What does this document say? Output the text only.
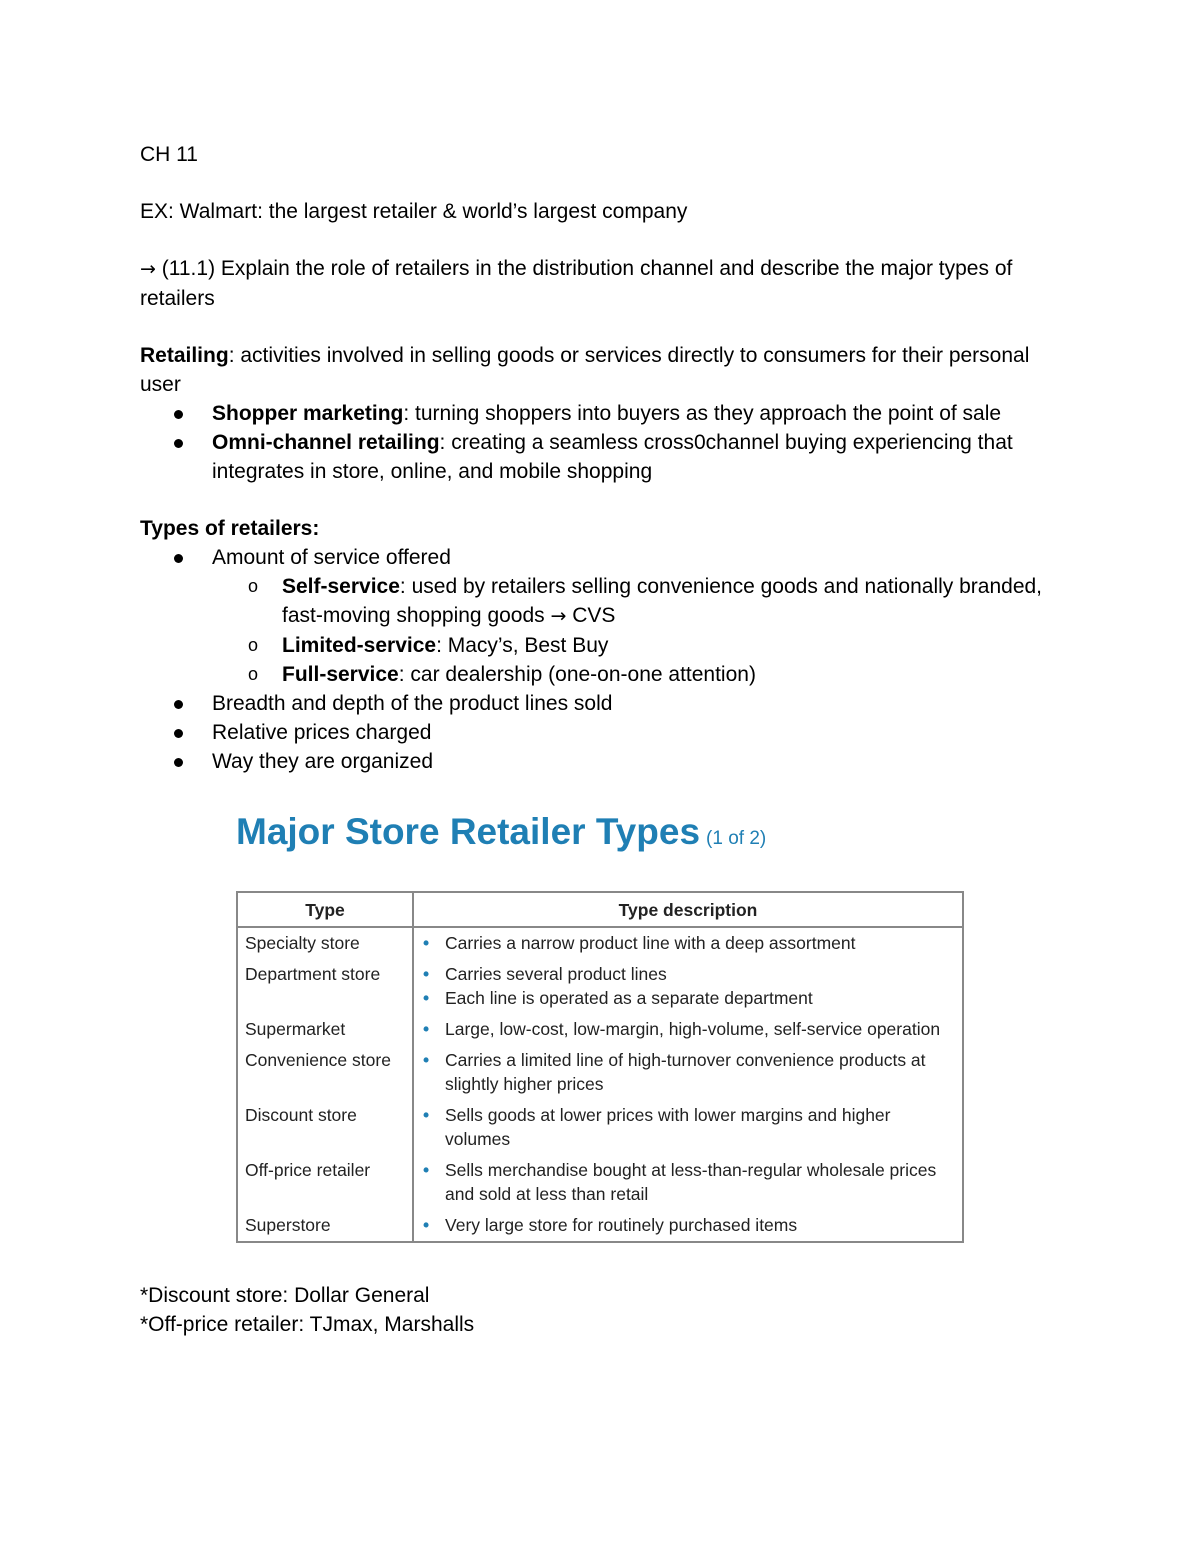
CH 11

EX: Walmart: the largest retailer & world’s largest company

→ (11.1) Explain the role of retailers in the distribution channel and describe the major types of retailers

Retailing: activities involved in selling goods or services directly to consumers for their personal user

Shopper marketing: turning shoppers into buyers as they approach the point of sale
Omni-channel retailing: creating a seamless cross0channel buying experiencing that integrates in store, online, and mobile shopping

Types of retailers:

Amount of service offered
o Self-service: used by retailers selling convenience goods and nationally branded, fast-moving shopping goods → CVS
o Limited-service: Macy’s, Best Buy
o Full-service: car dealership (one-on-one attention)
Breadth and depth of the product lines sold
Relative prices charged
Way they are organized
Major Store Retailer Types (1 of 2)
Type	Type description
Specialty store	• Carries a narrow product line with a deep assortment

Department store	• Carries several product lines
• Each line is operated as a separate department

Supermarket	• Large, low-cost, low-margin, high-volume, self-service operation

Convenience store	• Carries a limited line of high-turnover convenience products at slightly higher prices

Discount store	• Sells goods at lower prices with lower margins and higher volumes

Off-price retailer	• Sells merchandise bought at less-than-regular wholesale prices and sold at less than retail

Superstore	• Very large store for routinely purchased items

*Discount store: Dollar General

*Off-price retailer: TJmax, Marshalls
